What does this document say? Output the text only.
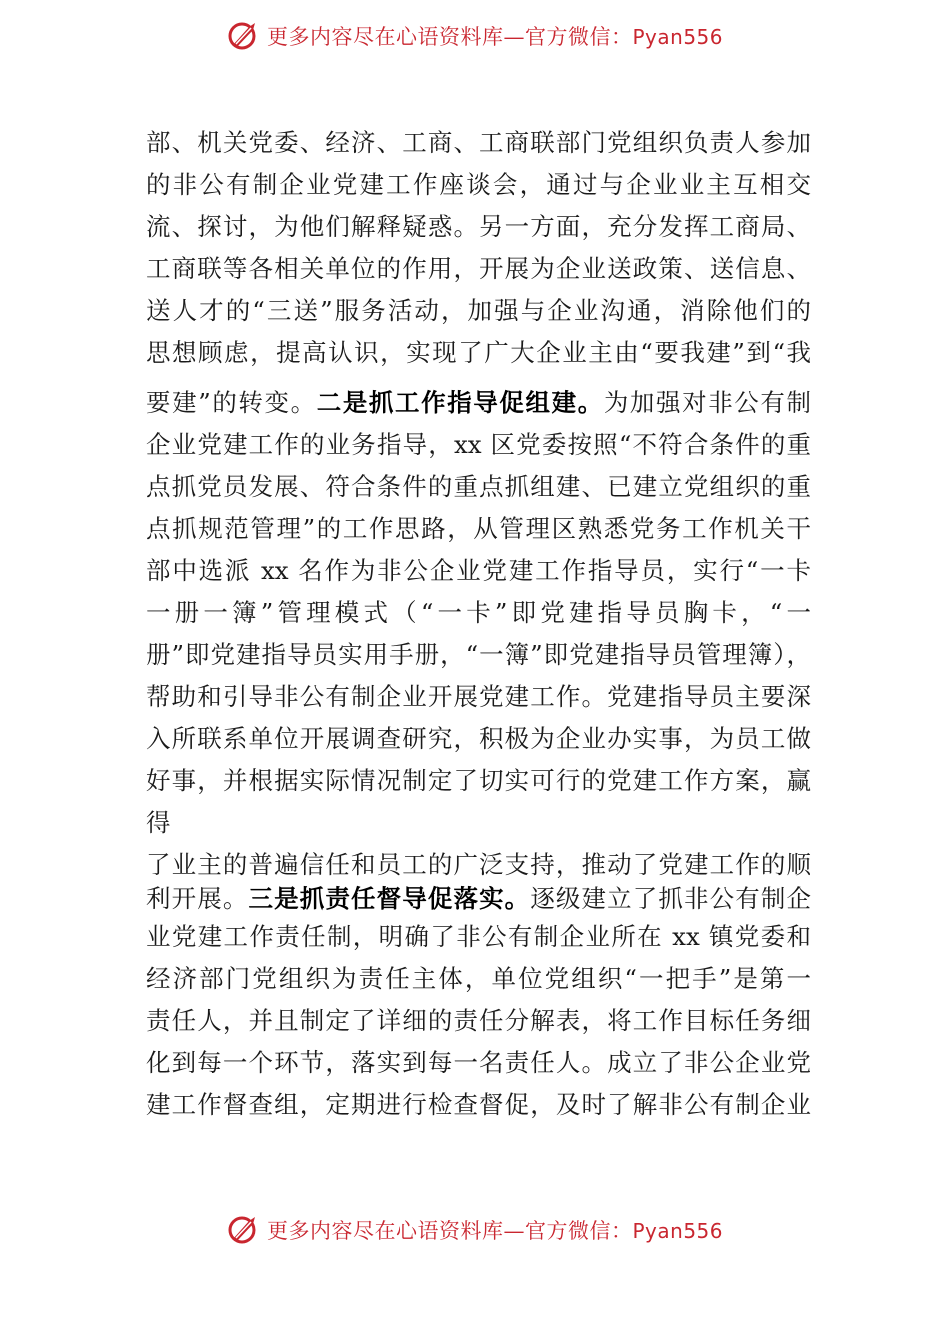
更多内容尽在心语资料库—官方微信：Pyan556
部、机关党委、经济、工商、工商联部门党组织负责人参加
的非公有制企业党建工作座谈会，通过与企业业主互相交
流、探讨，为他们解释疑惑。另一方面，充分发挥工商局、
工商联等各相关单位的作用，开展为企业送政策、送信息、
送人才的“三送”服务活动，加强与企业沟通，消除他们的
思想顾虑，提高认识，实现了广大企业主由“要我建”到“我
要建”的转变。二是抓工作指导促组建。为加强对非公有制
企业党建工作的业务指导，xx 区党委按照“不符合条件的重
点抓党员发展、符合条件的重点抓组建、已建立党组织的重
点抓规范管理”的工作思路，从管理区熟悉党务工作机关干
部中选派 xx 名作为非公企业党建工作指导员，实行“一卡
一册一簿”管理模式（“一卡”即党建指导员胸卡，“一
册”即党建指导员实用手册，“一簿”即党建指导员管理簿），
帮助和引导非公有制企业开展党建工作。党建指导员主要深
入所联系单位开展调查研究，积极为企业办实事，为员工做
好事，并根据实际情况制定了切实可行的党建工作方案，赢
得
了业主的普遍信任和员工的广泛支持，推动了党建工作的顺
利开展。三是抓责任督导促落实。逐级建立了抓非公有制企
业党建工作责任制，明确了非公有制企业所在 xx 镇党委和
经济部门党组织为责任主体，单位党组织“一把手”是第一
责任人，并且制定了详细的责任分解表，将工作目标任务细
化到每一个环节，落实到每一名责任人。成立了非公企业党
建工作督查组，定期进行检查督促，及时了解非公有制企业
更多内容尽在心语资料库—官方微信：Pyan556
